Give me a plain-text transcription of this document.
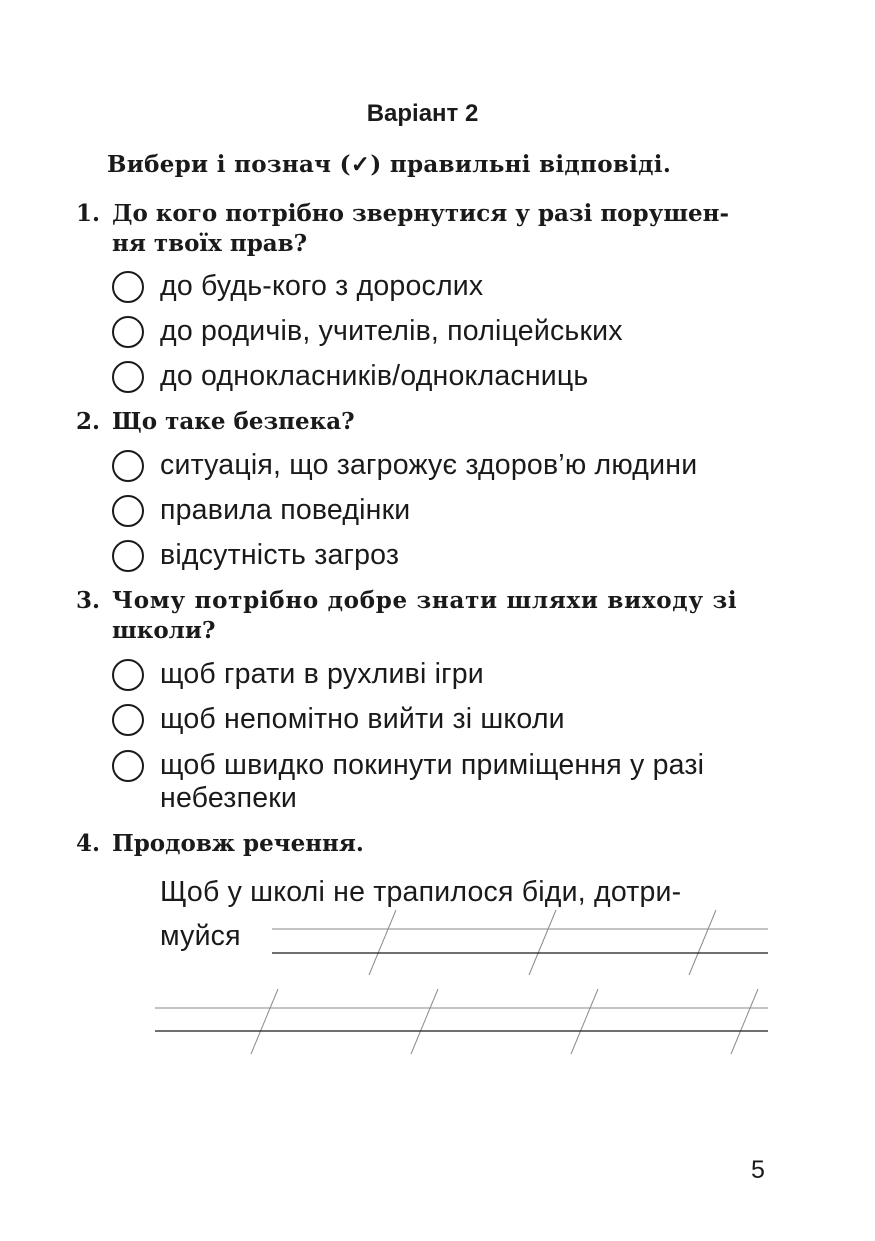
Варіант 2
Вибери і познач (✓) правильні відповіді.
1. До кого потрібно звернутися у разі порушен-
ня твоїх прав?
до будь-кого з дорослих
до родичів, учителів, поліцейських
до однокласників/однокласниць
2. Що таке безпека?
ситуація, що загрожує здоров’ю людини
правила поведінки
відсутність загроз
3. Чому потрібно добре знати шляхи виходу зі
школи?
щоб грати в рухливі ігри
щоб непомітно вийти зі школи
щоб швидко покинути приміщення у разі
небезпеки
4. Продовж речення.
Щоб у школі не трапилося біди, дотри-
муйся
5
